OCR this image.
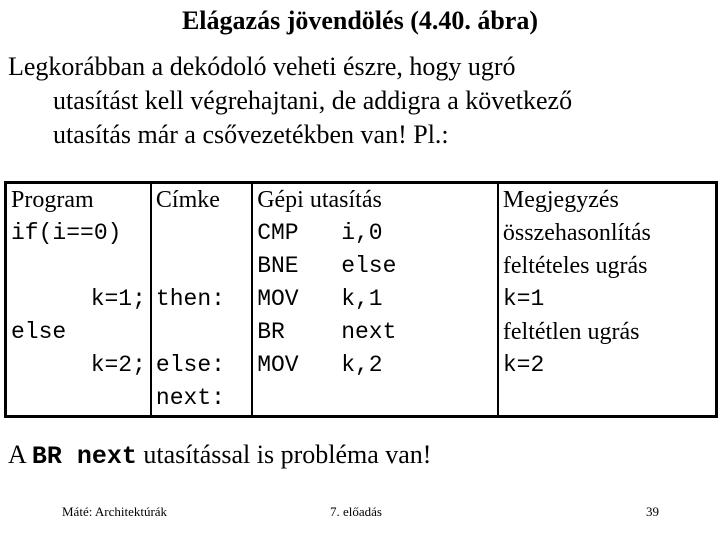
Elágazás jövendölés (4.40. ábra)
Legkorábban a dekódoló veheti észre, hogy ugró
utasítást kell végrehajtani, de addigra a következő
utasítás már a csővezetékben van! Pl.:
Program	Címke	Gépi utasítás	Megjegyzés
if(i==0)		CMP i,0	összehasonlítás

		BNE else	feltételes ugrás
k=1;	then:	MOV k,1	k=1
else		BR next	feltétlen ugrás
k=2;	else:	MOV k,2	k=2
	next:	

A BR next utasítással is probléma van!
Máté: Architektúrák	7. előadás	39
